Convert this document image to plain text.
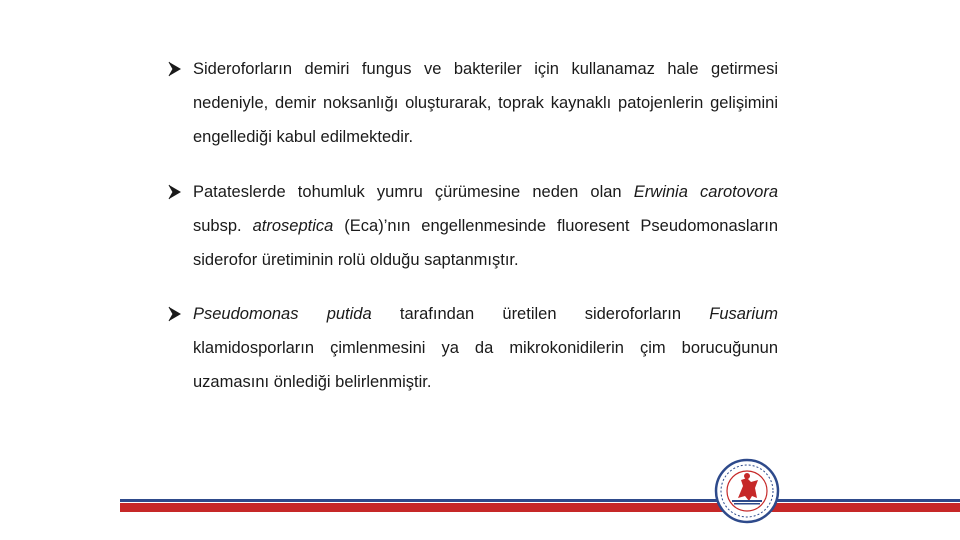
Sideroforların demiri fungus ve bakteriler için kullanamaz hale getirmesi nedeniyle, demir noksanlığı oluşturarak, toprak kaynaklı patojenlerin gelişimini engellediği kabul edilmektedir.
Patateslerde tohumluk yumru çürümesine neden olan Erwinia carotovora subsp. atroseptica (Eca)’nın engellenmesinde fluoresent Pseudomonasların siderofor üretiminin rolü olduğu saptanmıştır.
Pseudomonas putida tarafından üretilen sideroforların Fusarium klamidosporların çimlenmesini ya da mikrokonidilerin çim borucuğunun uzamasını önlediği belirlenmiştir.
